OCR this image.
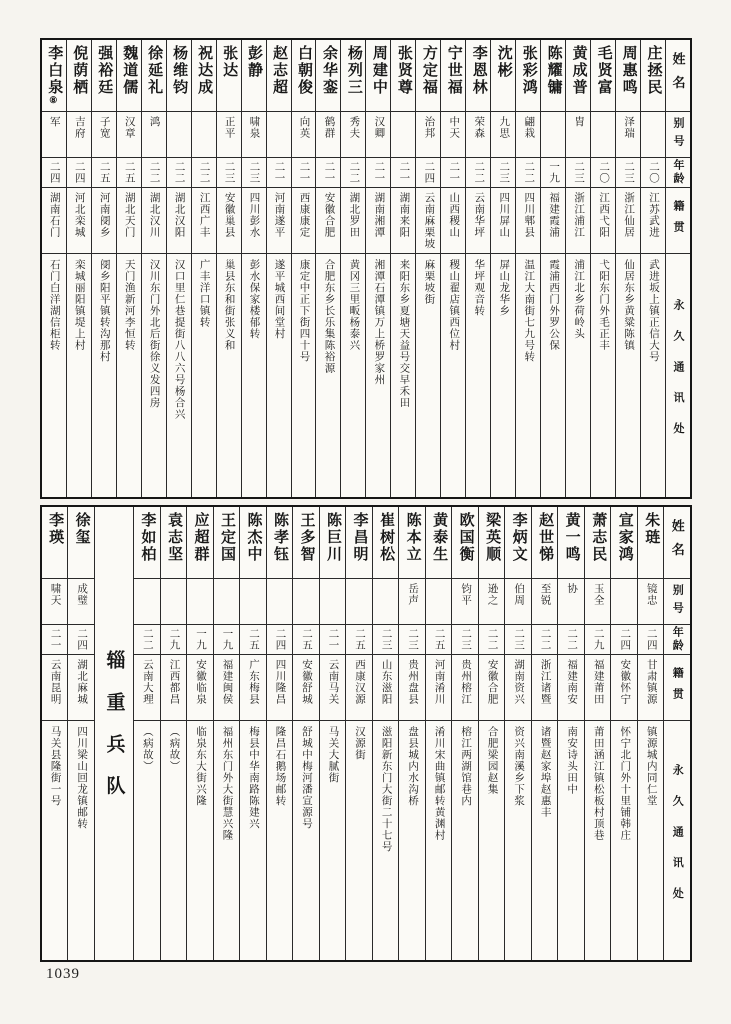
姓名
别号
年龄
籍贯
永久通讯处
庄拯民
二〇
江苏武进
武进坂上镇正信大号
周惠鸣
泽瑞
二三
浙江仙居
仙居东乡黄粱陈镇
毛贤富
二〇
江西弋阳
弋阳东门外毛正丰
黄成普
胄
二三
浙江浦江
浦江北乡荷岭头
陈耀镛
一九
福建霞浦
霞浦西门外罗公保
张彩鸿
翩栽
二二
四川郫县
温江大南街七九号转
沈彬
九思
二三
四川屏山
屏山龙华乡
李恩林
荣森
二二
云南华坪
华坪观音转
宁世福
中天
二一
山西稷山
稷山翟店镇西位村
方定福
治邦
二四
云南麻栗坡
麻栗坡街
张贤尊
二一
湖南来阳
来阳东乡夏塘天益号交早禾田
周建中
汉卿
二一
湖南湘潭
湘潭石潭镇万上桥罗家州
杨列三
秀夫
二二
湖北罗田
黄冈三里畈杨泰兴
余华銮
鹤群
二一
安徽合肥
合肥东乡长乐集陈裕源
白朝俊
向英
二一
西康康定
康定中正下街四十号
赵志超
二一
河南遂平
遂平城西间堂村
彭静
啸泉
二三
四川彭水
彭水保家楼郁转
张达
正平
二三
安徽巢县
巢县东和街张义和
祝达成
二二
江西广丰
广丰洋口镇转
杨维钧
二二
湖北汉阳
汉口里仁巷提街八八六号杨合兴
徐延礼
鸿
二二
湖北汉川
汉川东门外北后街徐义发四房
魏道儒
汉章
二五
湖北天门
天门渔新河李恒转
强裕廷
子宽
二五
河南阌乡
阌乡阳平镇转沟那村
倪荫栖
吉府
二四
河北栾城
栾城丽阳镇堤上村
李白泉⑧
军
二四
湖南石门
石门白洋湖信柜转
姓名
别号
年龄
籍贯
永久通讯处
朱琏
镜忠
二四
甘肃镇源
镇源城内同仁堂
宣家鸿
二四
安徽怀宁
怀宁北门外十里铺韩庄
萧志民
玉全
二九
福建莆田
莆田涵江镇松板村顶巷
黄一鸣
协
二二
福建南安
南安诗头田中
赵世悌
至锐
二二
浙江诸暨
诸暨赵家埠赵惠丰
李炳文
伯周
二三
湖南资兴
资兴南溪乡下浆
梁英顺
逊之
二二
安徽合肥
合肥梁园赵集
欧国衡
钧平
二三
贵州榕江
榕江两湖馆巷内
黄泰生
二五
河南淆川
淆川宋曲镇邮转黄渊村
陈本立
岳声
二三
贵州盘县
盘县城内水沟桥
崔树松
二三
山东滋阳
滋阳新东门大街二十七号
李昌明
二五
西康汉源
汉源街
陈巨川
二一
云南马关
马关大腻街
王多智
二五
安徽舒城
舒城中梅河潘宣源号
陈孝钰
二四
四川隆昌
隆昌石鹅场邮转
陈杰中
二五
广东梅县
梅县中华南路陈建兴
王定国
一九
福建闽侯
福州东门外大街慧兴隆
应超群
一九
安徽临泉
临泉东大街兴隆
袁志坚
二九
江西都昌
（病故）
李如柏
二二
云南大理
（病故）
辎重兵队
徐玺
成璧
二四
湖北麻城
四川梁山回龙镇邮转
李瑛
啸天
二一
云南昆明
马关县隆街一号
1039
